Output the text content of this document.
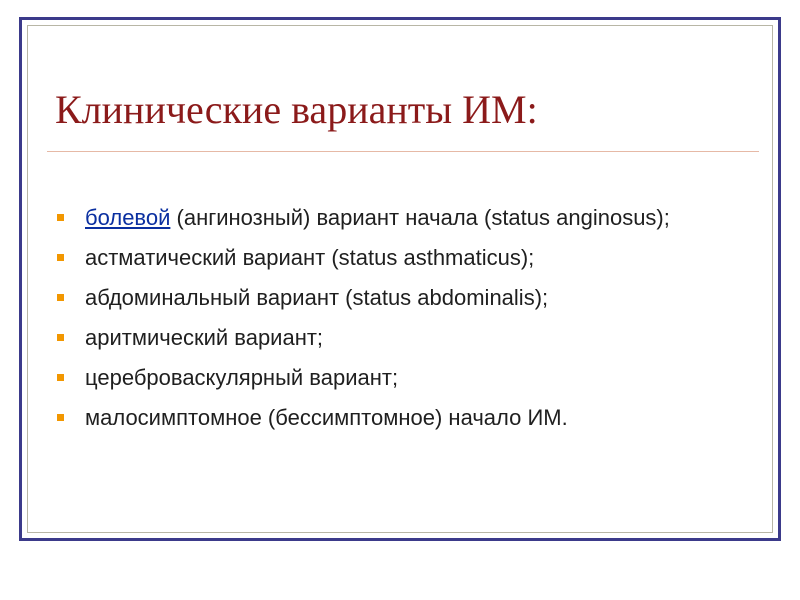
Клинические варианты ИМ:
болевой (ангинозный) вариант начала (status anginosus);
астматический вариант (status asthmaticus);
абдоминальный вариант (status abdominalis);
аритмический вариант;
цереброваскулярный вариант;
малосимптомное (бессимптомное) начало ИМ.
